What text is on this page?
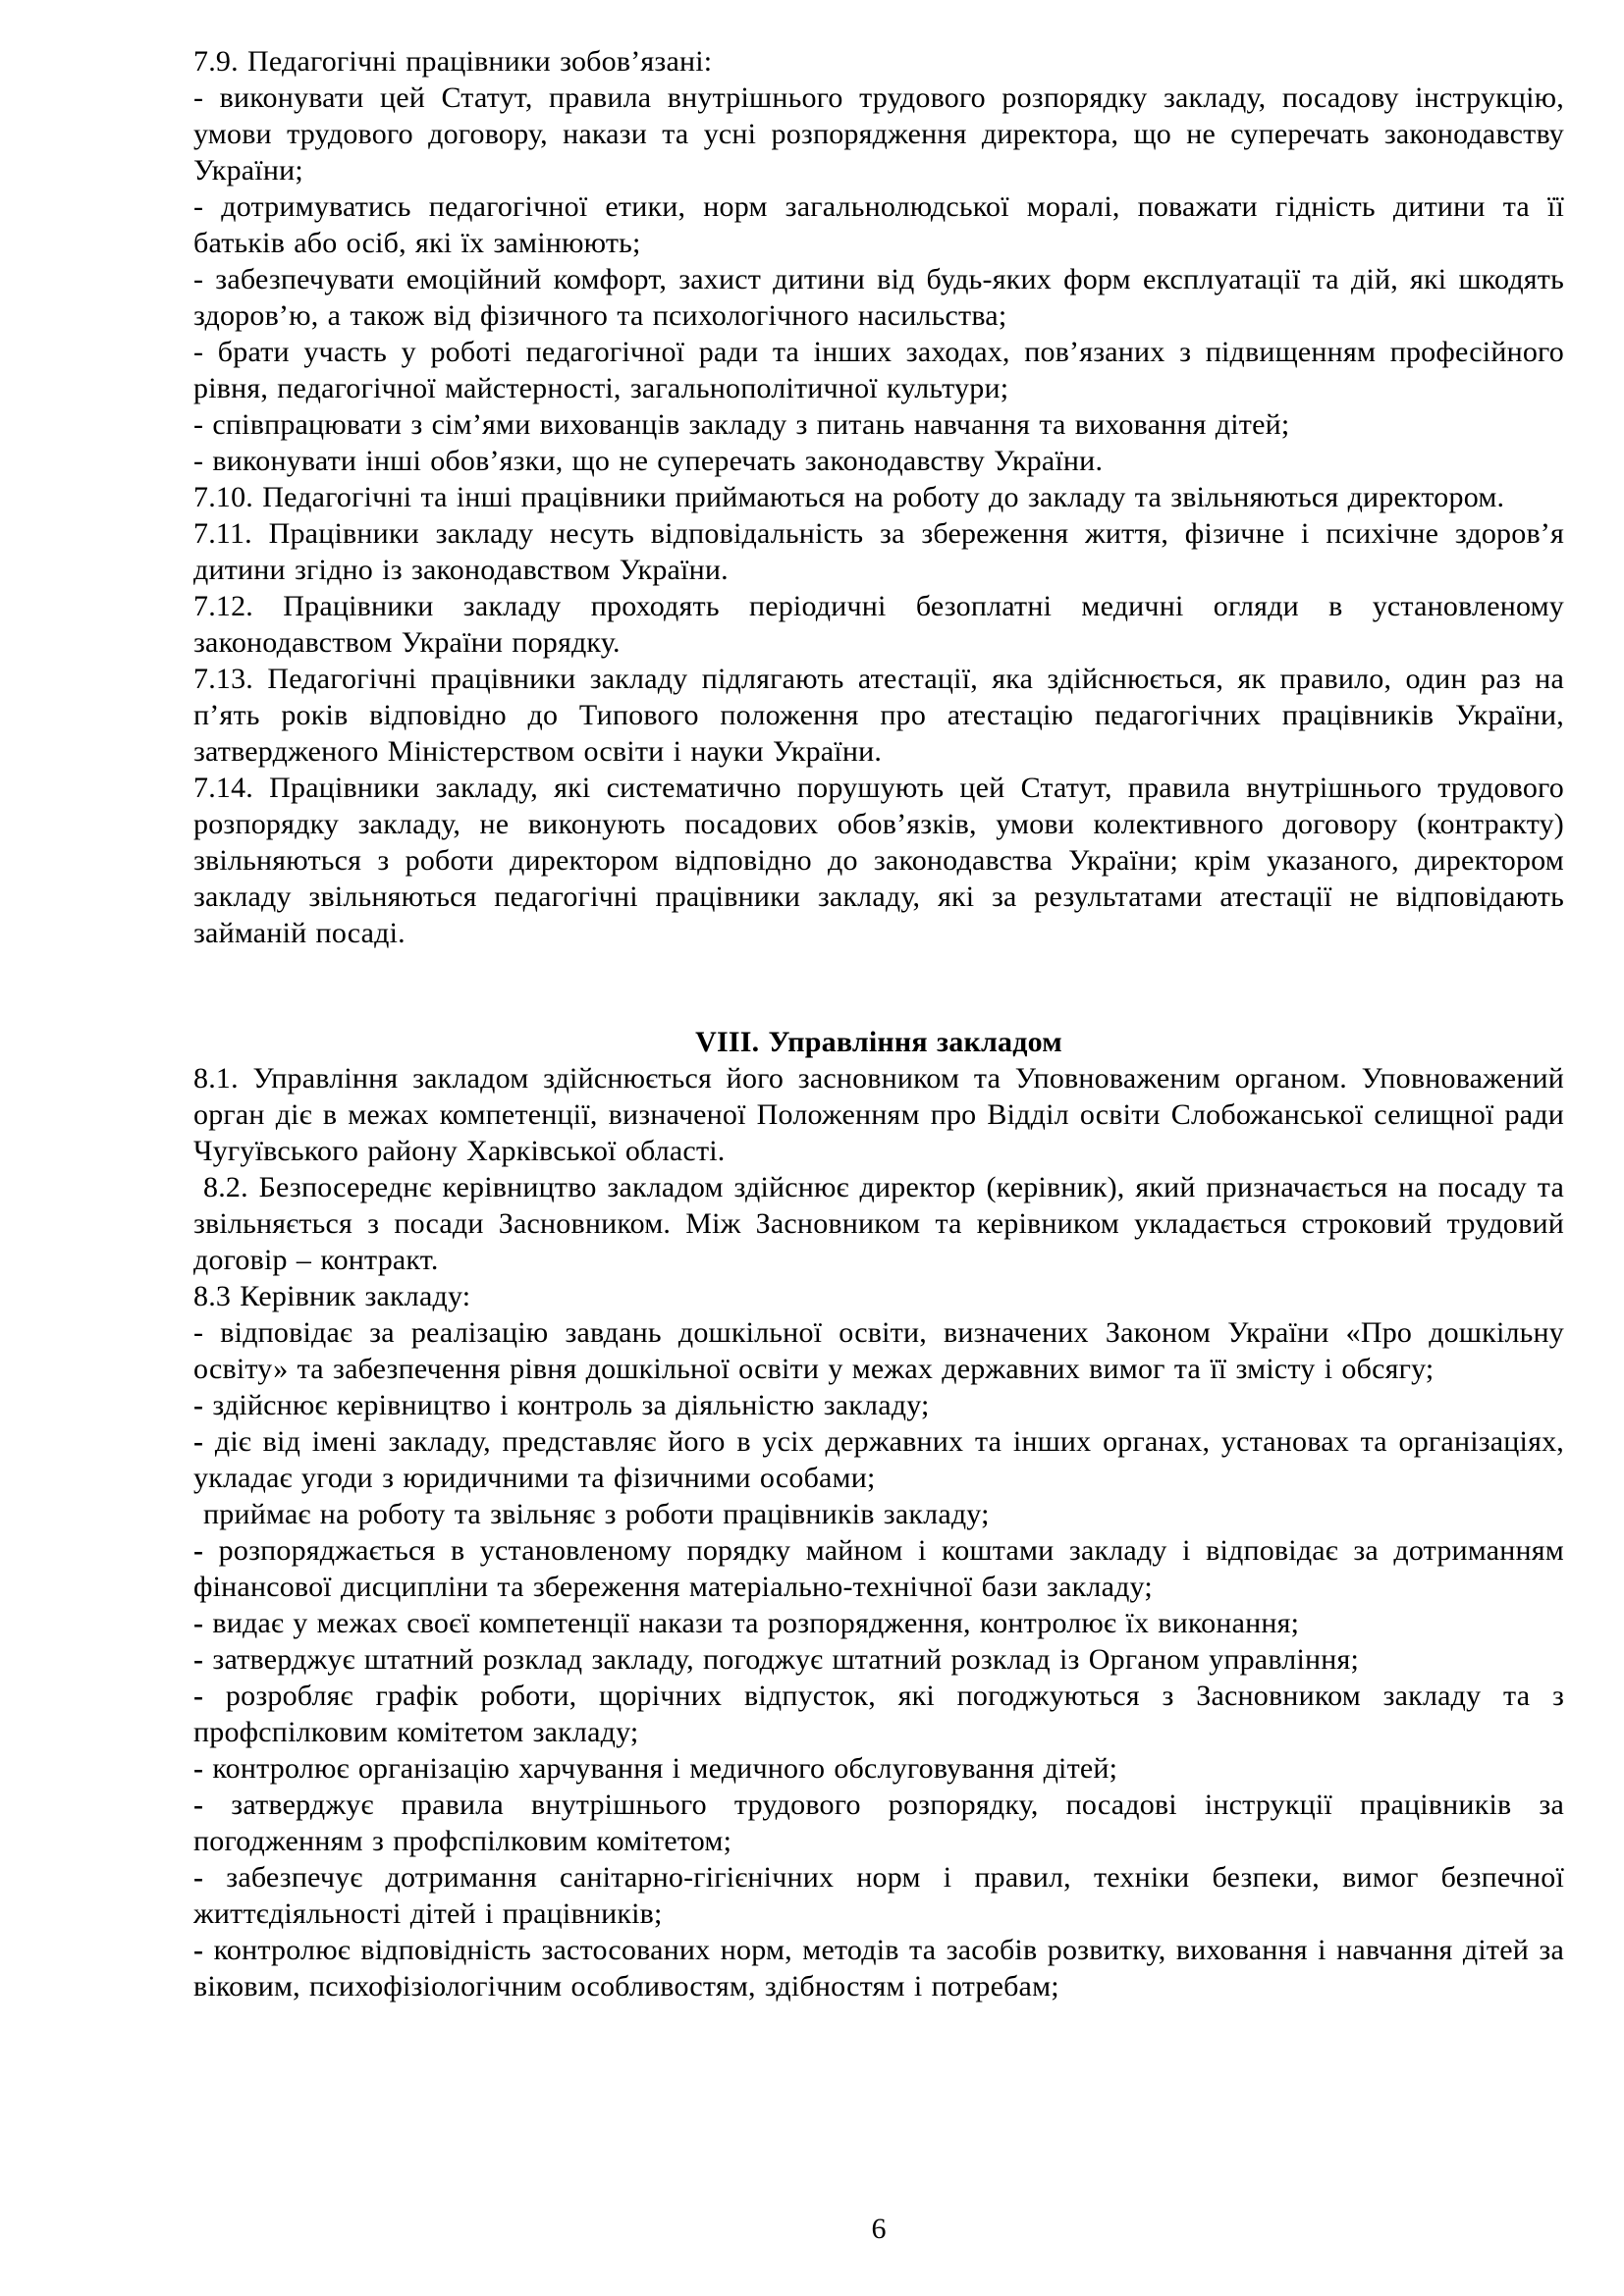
7.9. Педагогічні працівники зобов’язані:

- виконувати цей Статут, правила внутрішнього трудового розпорядку закладу, посадову інструкцію, умови трудового договору, накази та усні розпорядження директора, що не суперечать законодавству України;

- дотримуватись педагогічної етики, норм загальнолюдської моралі, поважати гідність дитини та її батьків або осіб, які їх замінюють;

- забезпечувати емоційний комфорт, захист дитини від будь-яких форм експлуатації та дій, які шкодять здоров’ю, а також від фізичного та психологічного насильства;

- брати участь у роботі педагогічної ради та інших заходах, пов’язаних з підвищенням професійного рівня, педагогічної майстерності, загальнополітичної культури;

- співпрацювати з сім’ями вихованців закладу з питань навчання та виховання дітей;

- виконувати інші обов’язки, що не суперечать законодавству України.

7.10. Педагогічні та інші працівники приймаються на роботу до закладу та звільняються директором.

7.11. Працівники закладу несуть відповідальність за збереження життя, фізичне і психічне здоров’я дитини згідно із законодавством України.

7.12. Працівники закладу проходять періодичні безоплатні медичні огляди в установленому законодавством України порядку.

7.13. Педагогічні працівники закладу підлягають атестації, яка здійснюється, як правило, один раз на п’ять років відповідно до Типового положення про атестацію педагогічних працівників України, затвердженого Міністерством освіти і науки України.

7.14. Працівники закладу, які систематично порушують цей Статут, правила внутрішнього трудового розпорядку закладу, не виконують посадових обов’язків, умови колективного договору (контракту) звільняються з роботи директором відповідно до законодавства України; крім указаного, директором закладу звільняються педагогічні працівники закладу, які за результатами атестації не відповідають займаній посаді.

VIII. Управління закладом

8.1. Управління закладом здійснюється його засновником та Уповноваженим органом. Уповноважений орган діє в межах компетенції, визначеної Положенням про Відділ освіти Слобожанської селищної ради Чугуївського району Харківської області.

8.2. Безпосереднє керівництво закладом здійснює директор (керівник), який призначається на посаду та звільняється з посади Засновником. Між Засновником та керівником укладається строковий трудовий договір – контракт.

8.3 Керівник закладу:

- відповідає за реалізацію завдань дошкільної освіти, визначених Законом України «Про дошкільну освіту» та забезпечення рівня дошкільної освіти у межах державних вимог та її змісту і обсягу;

- здійснює керівництво і контроль за діяльністю закладу;

- діє від імені закладу, представляє його в усіх державних та інших органах, установах та організаціях, укладає угоди з юридичними та фізичними особами;

приймає на роботу та звільняє з роботи працівників закладу;

- розпоряджається в установленому порядку майном і коштами закладу і відповідає за дотриманням фінансової дисципліни та збереження матеріально-технічної бази закладу;

- видає у межах своєї компетенції накази та розпорядження, контролює їх виконання;

- затверджує штатний розклад закладу, погоджує штатний розклад із Органом управління;

- розробляє графік роботи, щорічних відпусток, які погоджуються з Засновником закладу та з профспілковим комітетом закладу;

- контролює організацію харчування і медичного обслуговування дітей;

- затверджує правила внутрішнього трудового розпорядку, посадові інструкції працівників за погодженням з профспілковим комітетом;

- забезпечує дотримання санітарно-гігієнічних норм і правил, техніки безпеки, вимог безпечної життєдіяльності дітей і працівників;

- контролює відповідність застосованих норм, методів та засобів розвитку, виховання і навчання дітей за віковим, психофізіологічним особливостям, здібностям і потребам;

6
